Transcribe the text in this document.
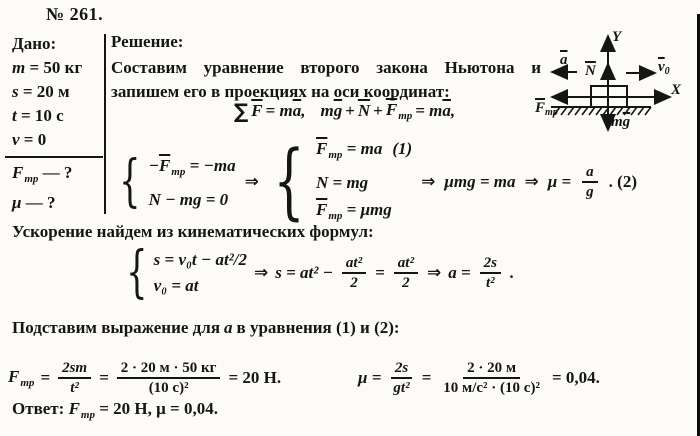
№ 261.
Дано:
m = 50 кг
s = 20 м
t = 10 с
v = 0
$F_{тр}$ — ?
μ — ?
Решение:
Составим уравнение второго закона Ньютона и
запишем его в проекциях на оси координат:
∑ $\overline{F} = m\overline{a}$, $m\overline{g} + \overline{N} + \overline{F}_{тр} = m\overline{a}$,
{ $-\overline{F}_{тр} = -ma$
N − mg = 0
⇒ { $\overline{F}_{тр}$ = ma (1)
N = mg
$\overline{F}_{тр} = \mu mg$
⇒ μmg = ma ⇒ $\mu = \frac{a}{g}$ . (2)
Ускорение найдем из кинематических формул:
{ s = v₀t − at²/2
v₀ = at
⇒ $s = at^2 - \frac{\text{at²}}{2} = \frac{\text{at²}}{2}$ ⇒ $a = \frac{2s}{\text{t²}}$ .
Подставим выражение для a в уравнения (1) и (2):
$F_{тр} = \frac{2sm}{\text{t²}} = \frac{2 \cdot 20 м \cdot 50 кг}{\text{(10 с)²}} = 20$ Н.	$\mu = \frac{2s}{\text{gt²}} = \frac{2 \cdot 20 м}{\text{10 м/с² · (10 с)²}} = 0,04$.
Ответ: $F_{тр} = 20$ Н, μ = 0,04.
Y
X
$\overline{a}$	$\overline{v}_0$
$\overline{N}$
$m\overline{g}$
$\overline{F}_{тр}$
